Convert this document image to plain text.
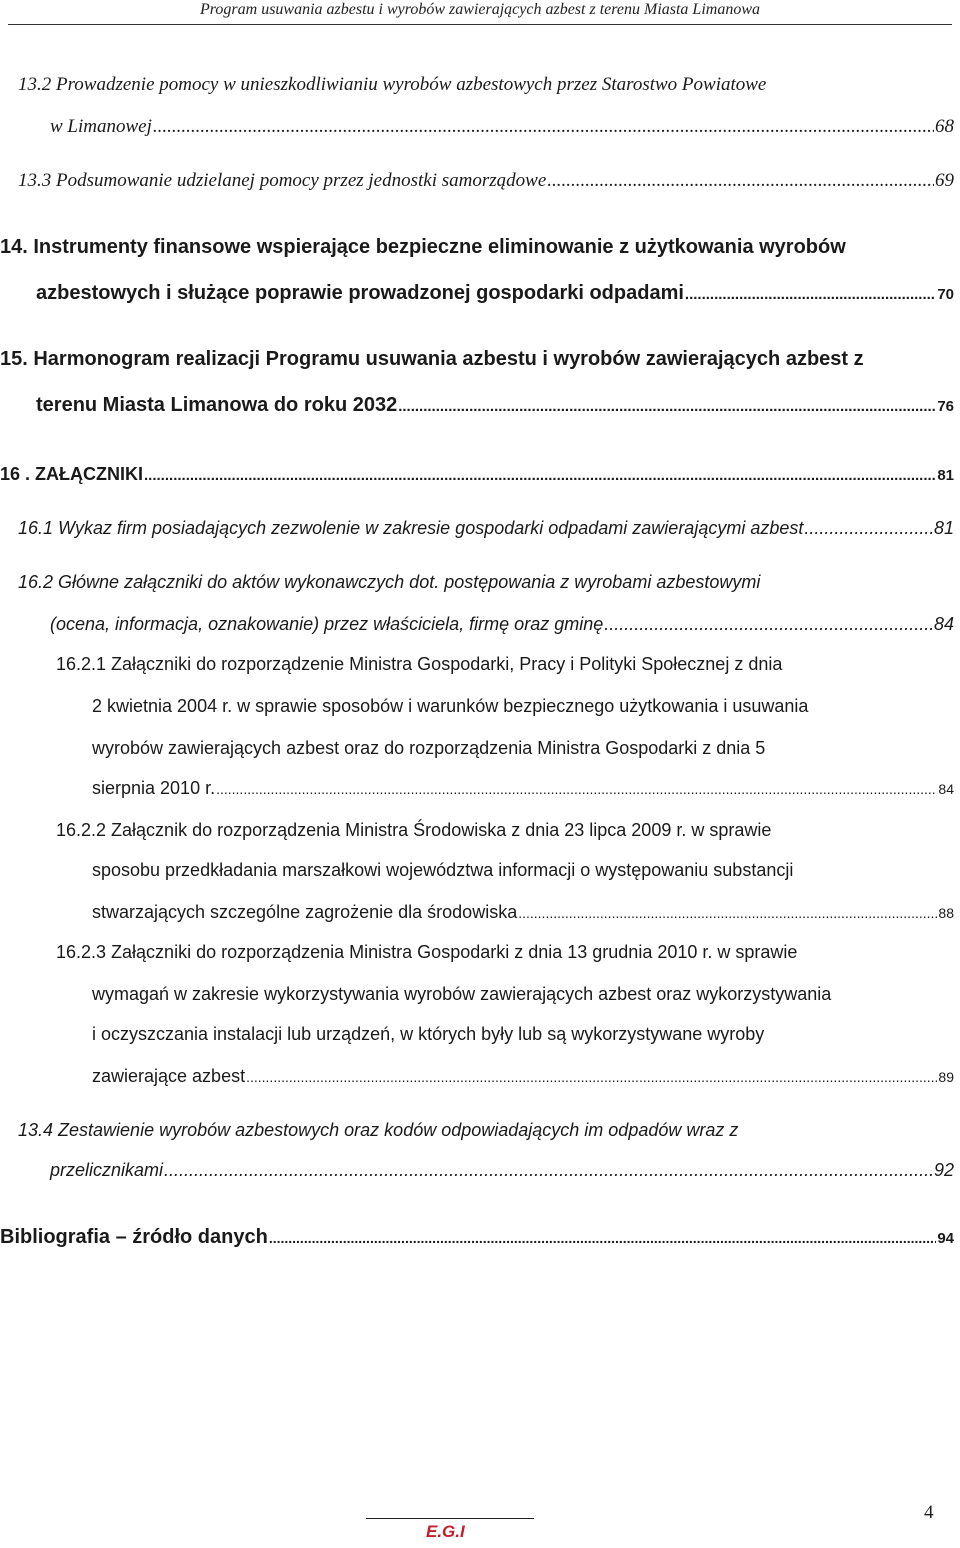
Program usuwania azbestu i wyrobów zawierających azbest z terenu Miasta Limanowa
13.2 Prowadzenie pomocy w unieszkodliwianiu wyrobów azbestowych przez Starostwo Powiatowe
w Limanowej .....	68
13.3 Podsumowanie udzielanej pomocy przez jednostki samorządowe .....	69
14. Instrumenty finansowe wspierające bezpieczne eliminowanie z użytkowania wyrobów
azbestowych i służące poprawie prowadzonej gospodarki odpadami .....	70
15. Harmonogram realizacji Programu usuwania azbestu i wyrobów zawierających azbest z
terenu Miasta Limanowa do roku 2032 .....	76
16 . ZAŁĄCZNIKI .....	81
16.1 Wykaz firm posiadających zezwolenie w zakresie gospodarki odpadami zawierającymi azbest .....	81
16.2 Główne załączniki do aktów wykonawczych dot. postępowania z wyrobami azbestowymi
(ocena, informacja, oznakowanie) przez właściciela, firmę oraz gminę .....	84
16.2.1 Załączniki do rozporządzenie Ministra Gospodarki, Pracy i Polityki Społecznej z dnia
2 kwietnia 2004 r. w sprawie sposobów i warunków bezpiecznego użytkowania i usuwania
wyrobów zawierających azbest oraz do rozporządzenia Ministra Gospodarki z dnia 5
sierpnia 2010 r. .....	84
16.2.2 Załącznik do rozporządzenia Ministra Środowiska z dnia 23 lipca 2009 r. w sprawie
sposobu przedkładania marszałkowi województwa informacji o występowaniu substancji
stwarzających szczególne zagrożenie dla środowiska .....	88
16.2.3 Załączniki do rozporządzenia Ministra Gospodarki z dnia 13 grudnia 2010 r. w sprawie
wymagań w zakresie wykorzystywania wyrobów zawierających azbest oraz wykorzystywania
i oczyszczania instalacji lub urządzeń, w których były lub są wykorzystywane wyroby
zawierające azbest .....	89
13.4 Zestawienie wyrobów azbestowych oraz kodów odpowiadających im odpadów wraz z
przelicznikami .....	92
Bibliografia – źródło danych .....	94
E.G.I
4
